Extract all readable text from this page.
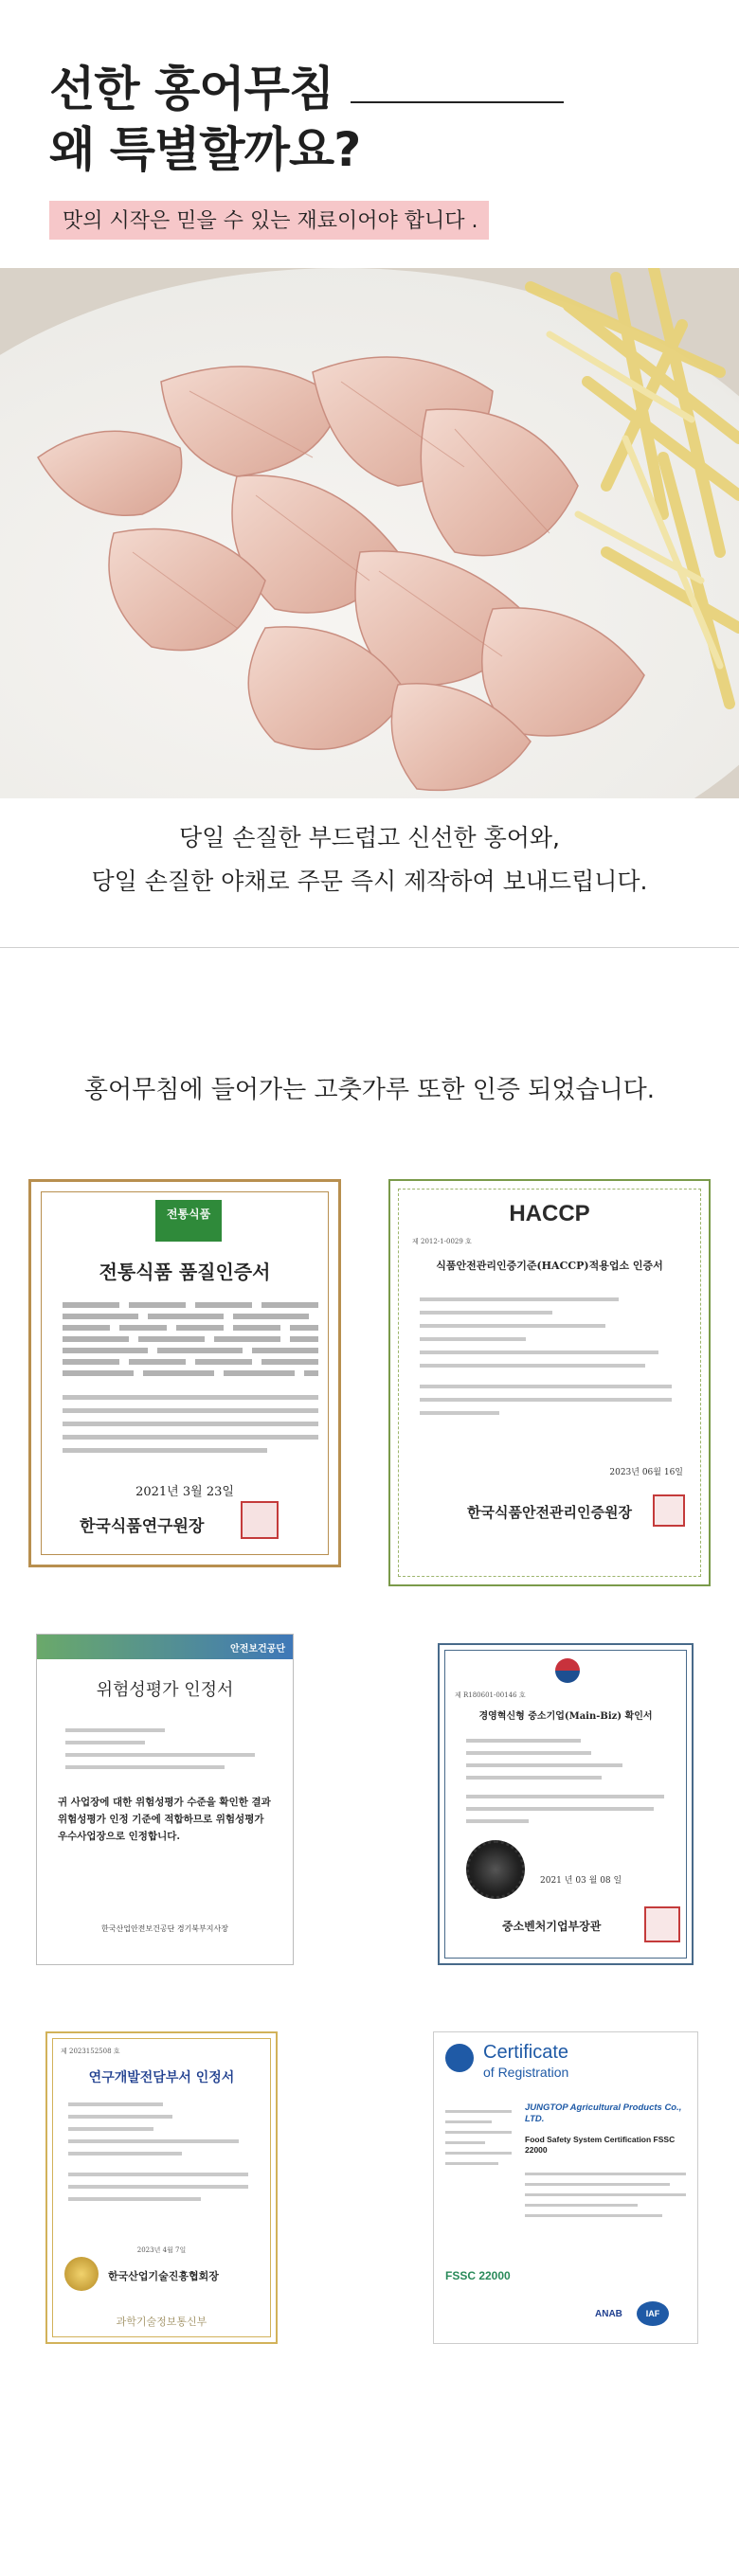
선한 홍어무침
왜 특별할까요?
맛의 시작은 믿을 수 있는 재료이어야 합니다 .
당일 손질한 부드럽고 신선한 홍어와,
당일 손질한 야채로 주문 즉시 제작하여 보내드립니다.
홍어무침에 들어가는 고춧가루 또한 인증 되었습니다.
전통식품
전통식품 품질인증서
2021년 3월 23일
한국식품연구원장
HACCP
제 2012-1-0029 호
식품안전관리인증기준(HACCP)적용업소 인증서
2023년 06월 16일
한국식품안전관리인증원장
안전보건공단
위험성평가 인정서
귀 사업장에 대한 위험성평가 수준을 확인한 결과 위험성평가 인정 기준에 적합하므로 위험성평가 우수사업장으로 인정합니다.
한국산업안전보건공단 경기북부지사장
제 R180601-00146 호
경영혁신형 중소기업(Main-Biz) 확인서
2021 년 03 월 08 일
중소벤처기업부장관
제 2023152508 호
연구개발전담부서 인정서
2023년 4월 7일
한국산업기술진흥협회장
과학기술정보통신부
Certificate
of Registration
JUNGTOP Agricultural Products Co., LTD.
Food Safety System Certification FSSC 22000
FSSC 22000
ANAB	IAF
